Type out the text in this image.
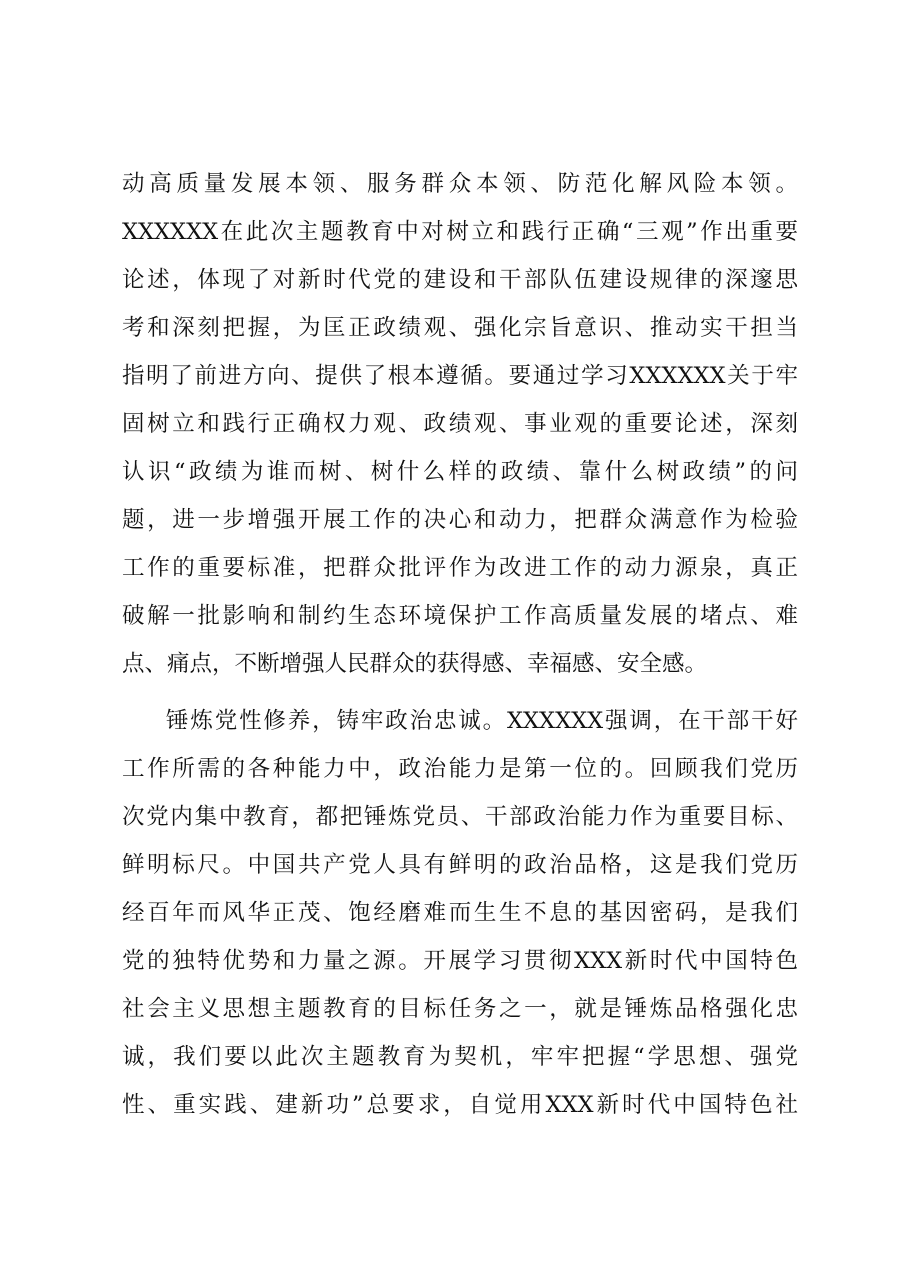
动高质量发展本领、服务群众本领、防范化解风险本领。
XXXXXX在此次主题教育中对树立和践行正确“三观”作出重要
论述，体现了对新时代党的建设和干部队伍建设规律的深邃思
考和深刻把握，为匡正政绩观、强化宗旨意识、推动实干担当
指明了前进方向、提供了根本遵循。要通过学习XXXXXX关于牢
固树立和践行正确权力观、政绩观、事业观的重要论述，深刻
认识“政绩为谁而树、树什么样的政绩、靠什么树政绩”的问
题，进一步增强开展工作的决心和动力，把群众满意作为检验
工作的重要标准，把群众批评作为改进工作的动力源泉，真正
破解一批影响和制约生态环境保护工作高质量发展的堵点、难
点、痛点，不断增强人民群众的获得感、幸福感、安全感。
锤炼党性修养，铸牢政治忠诚。XXXXXX强调，在干部干好
工作所需的各种能力中，政治能力是第一位的。回顾我们党历
次党内集中教育，都把锤炼党员、干部政治能力作为重要目标、
鲜明标尺。中国共产党人具有鲜明的政治品格，这是我们党历
经百年而风华正茂、饱经磨难而生生不息的基因密码，是我们
党的独特优势和力量之源。开展学习贯彻XXX新时代中国特色
社会主义思想主题教育的目标任务之一，就是锤炼品格强化忠
诚，我们要以此次主题教育为契机，牢牢把握“学思想、强党
性、重实践、建新功”总要求，自觉用XXX新时代中国特色社
